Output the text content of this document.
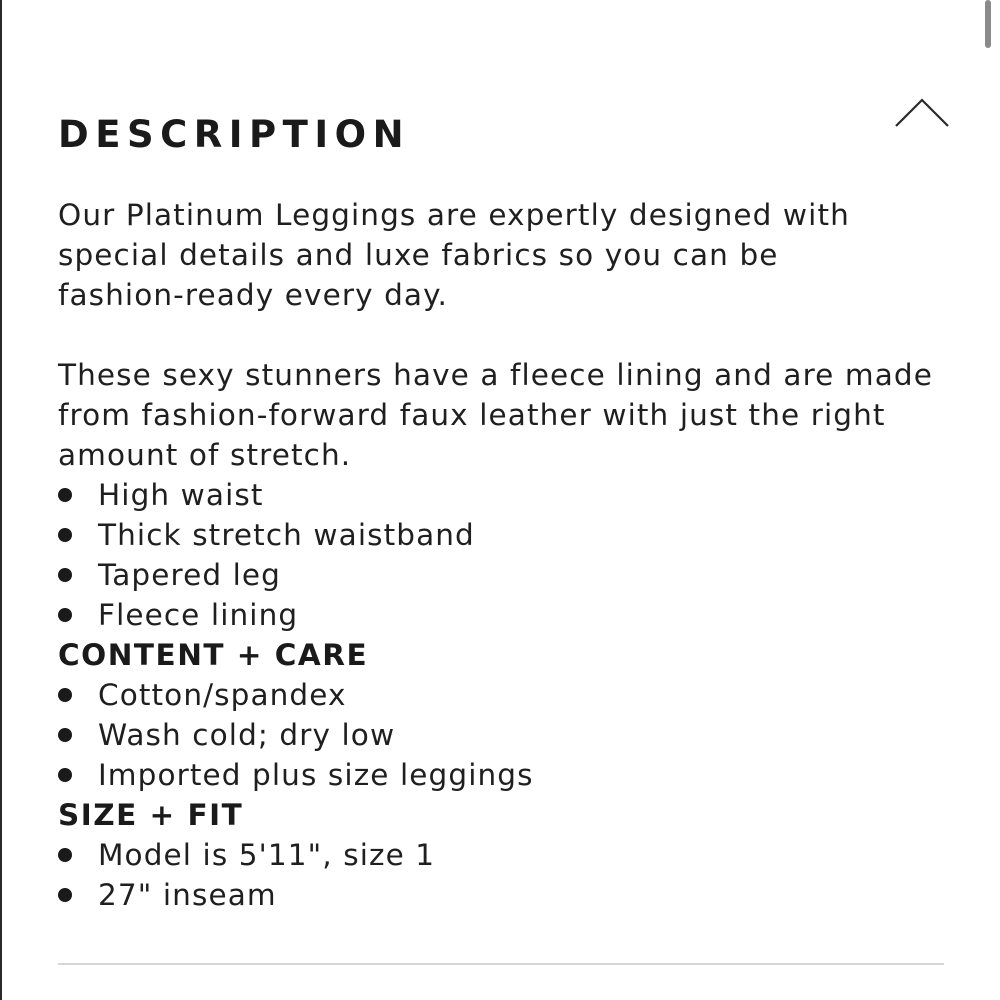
DESCRIPTION

Our Platinum Leggings are expertly designed with special details and luxe fabrics so you can be fashion-ready every day.

These sexy stunners have a fleece lining and are made from fashion-forward faux leather with just the right amount of stretch.

High waist
Thick stretch waistband
Tapered leg
Fleece lining

CONTENT + CARE

Cotton/spandex
Wash cold; dry low
Imported plus size leggings

SIZE + FIT

Model is 5'11", size 1
27" inseam
